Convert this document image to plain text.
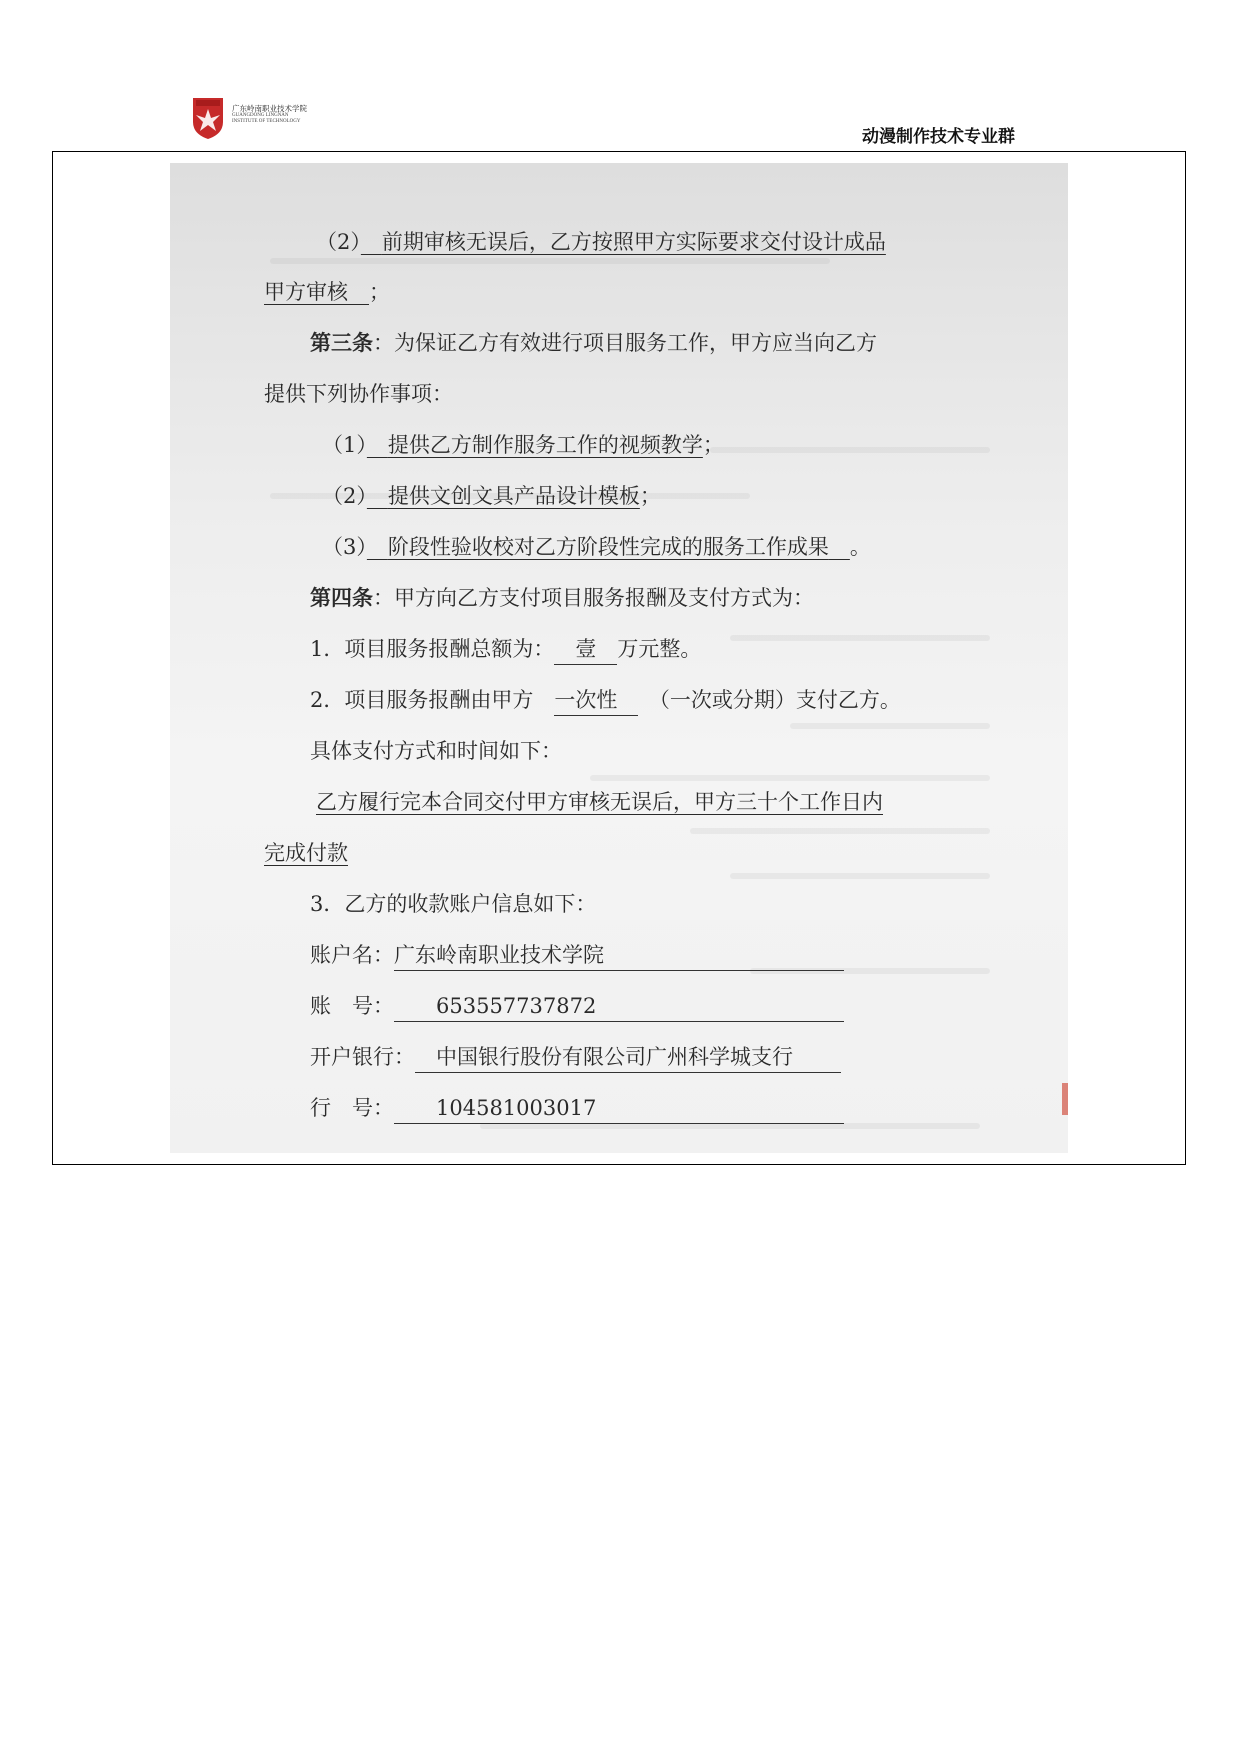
广东岭南职业技术学院
GUANGDONG LINGNAN
INSTITUTE OF TECHNOLOGY
动漫制作技术专业群
（2）　 前期审核无误后，乙方按照甲方实际要求交付设计成品
甲方审核　 ；
第三条：为保证乙方有效进行项目服务工作，甲方应当向乙方
提供下列协作事项：
（1）　 提供乙方制作服务工作的视频教学；
（2）　 提供文创文具产品设计模板；
（3）　 阶段性验收校对乙方阶段性完成的服务工作成果　 。
第四条：甲方向乙方支付项目服务报酬及支付方式为：
1．项目服务报酬总额为：　 壹　 万元整。
2．项目服务报酬由甲方　 一次性　　 （一次或分期）支付乙方。
具体支付方式和时间如下：
乙方履行完本合同交付甲方审核无误后，甲方三十个工作日内
完成付款
3．乙方的收款账户信息如下：
账户名：广东岭南职业技术学院
账　号：　　 653557737872
开户银行：　 中国银行股份有限公司广州科学城支行
行　号：　　 104581003017
